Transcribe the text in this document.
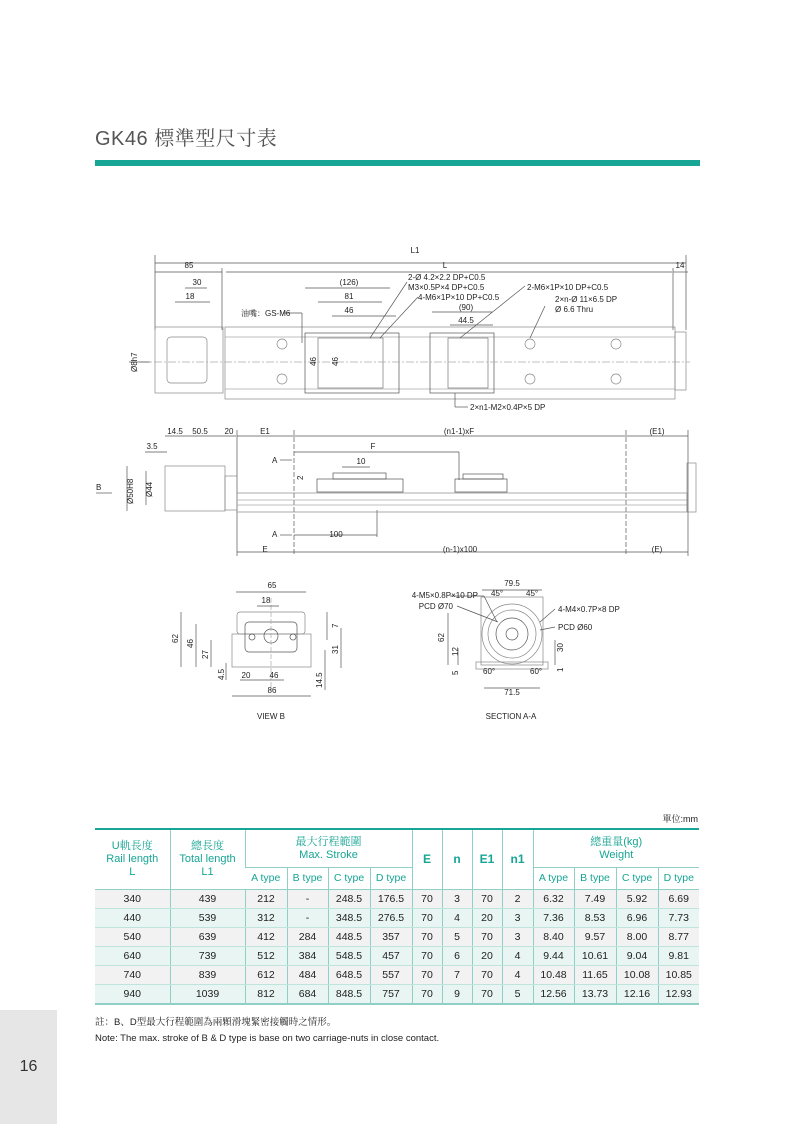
GK46 標準型尺寸表
L1
L
85	14
30
18
(126)
81
46	(90)
44.5
46 46
Ø8h7
油嘴：GS-M6
2-Ø 4.2×2.2 DP+C0.5
M3×0.5P×4 DP+C0.5
4-M6×1P×10 DP+C0.5
2-M6×1P×10 DP+C0.5
2×n-Ø 11×6.5 DP
Ø 6.6 Thru
2×n1-M2×0.4P×5 DP
14.5 50.5 20	E1	(n1-1)xF	(E1)
3.5	F
10
2
A
A
B	Ø50H8 Ø44
100
E	(n-1)x100	(E)
65
18
62
46
27
7
31
4.5 20 46
86
14.5
VIEW B
79.5
45°	45°
4-M5×0.8P×10 DP
PCD Ø70	4-M4×0.7P×8 DP
PCD Ø60
62
12
5
30
1
60°	60°
71.5
SECTION A-A
單位:mm
U軌長度
Rail length
L	總長度
Total length
L1	最大行程範圍
Max. Stroke				E	n	E1	n1	總重量(kg)
Weight			
		A type	B type	C type	D type					A type	B type	C type	D type
340	439	212	-	248.5	176.5	70	3	70	2	6.32	7.49	5.92	6.69
440	539	312	-	348.5	276.5	70	4	20	3	7.36	8.53	6.96	7.73
540	639	412	284	448.5	357	70	5	70	3	8.40	9.57	8.00	8.77
640	739	512	384	548.5	457	70	6	20	4	9.44	10.61	9.04	9.81
740	839	612	484	648.5	557	70	7	70	4	10.48	11.65	10.08	10.85
940	1039	812	684	848.5	757	70	9	70	5	12.56	13.73	12.16	12.93
註：B、D型最大行程範圍為兩顆滑塊緊密接觸時之情形。
Note: The max. stroke of B & D type is base on two carriage-nuts in close contact.
16
